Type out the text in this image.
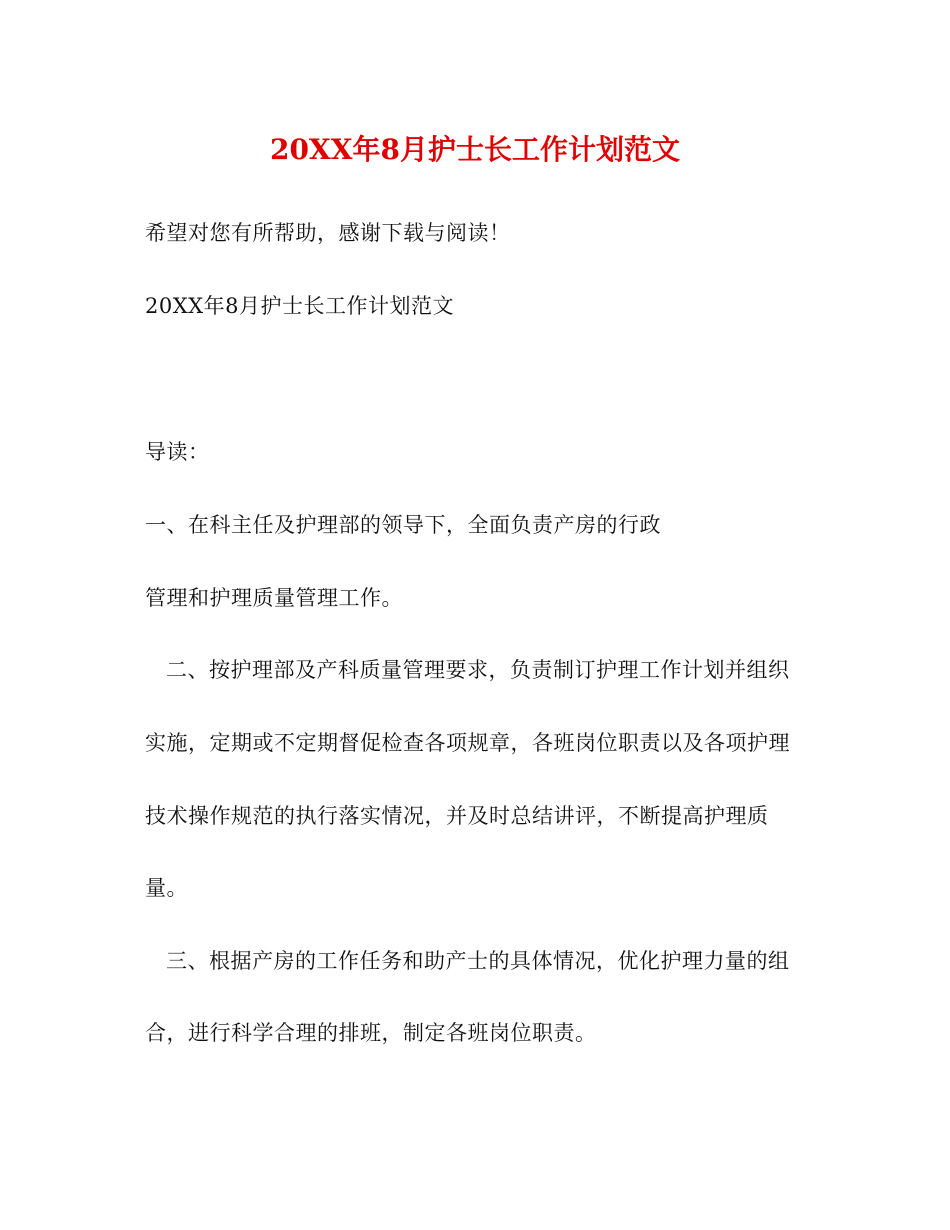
20XX年8月护士长工作计划范文
希望对您有所帮助，感谢下载与阅读！
20XX年8月护士长工作计划范文
导读：
一、在科主任及护理部的领导下，全面负责产房的行政
管理和护理质量管理工作。
二、按护理部及产科质量管理要求，负责制订护理工作计划并组织
实施，定期或不定期督促检查各项规章，各班岗位职责以及各项护理
技术操作规范的执行落实情况，并及时总结讲评，不断提高护理质
量。
三、根据产房的工作任务和助产士的具体情况，优化护理力量的组
合，进行科学合理的排班，制定各班岗位职责。
